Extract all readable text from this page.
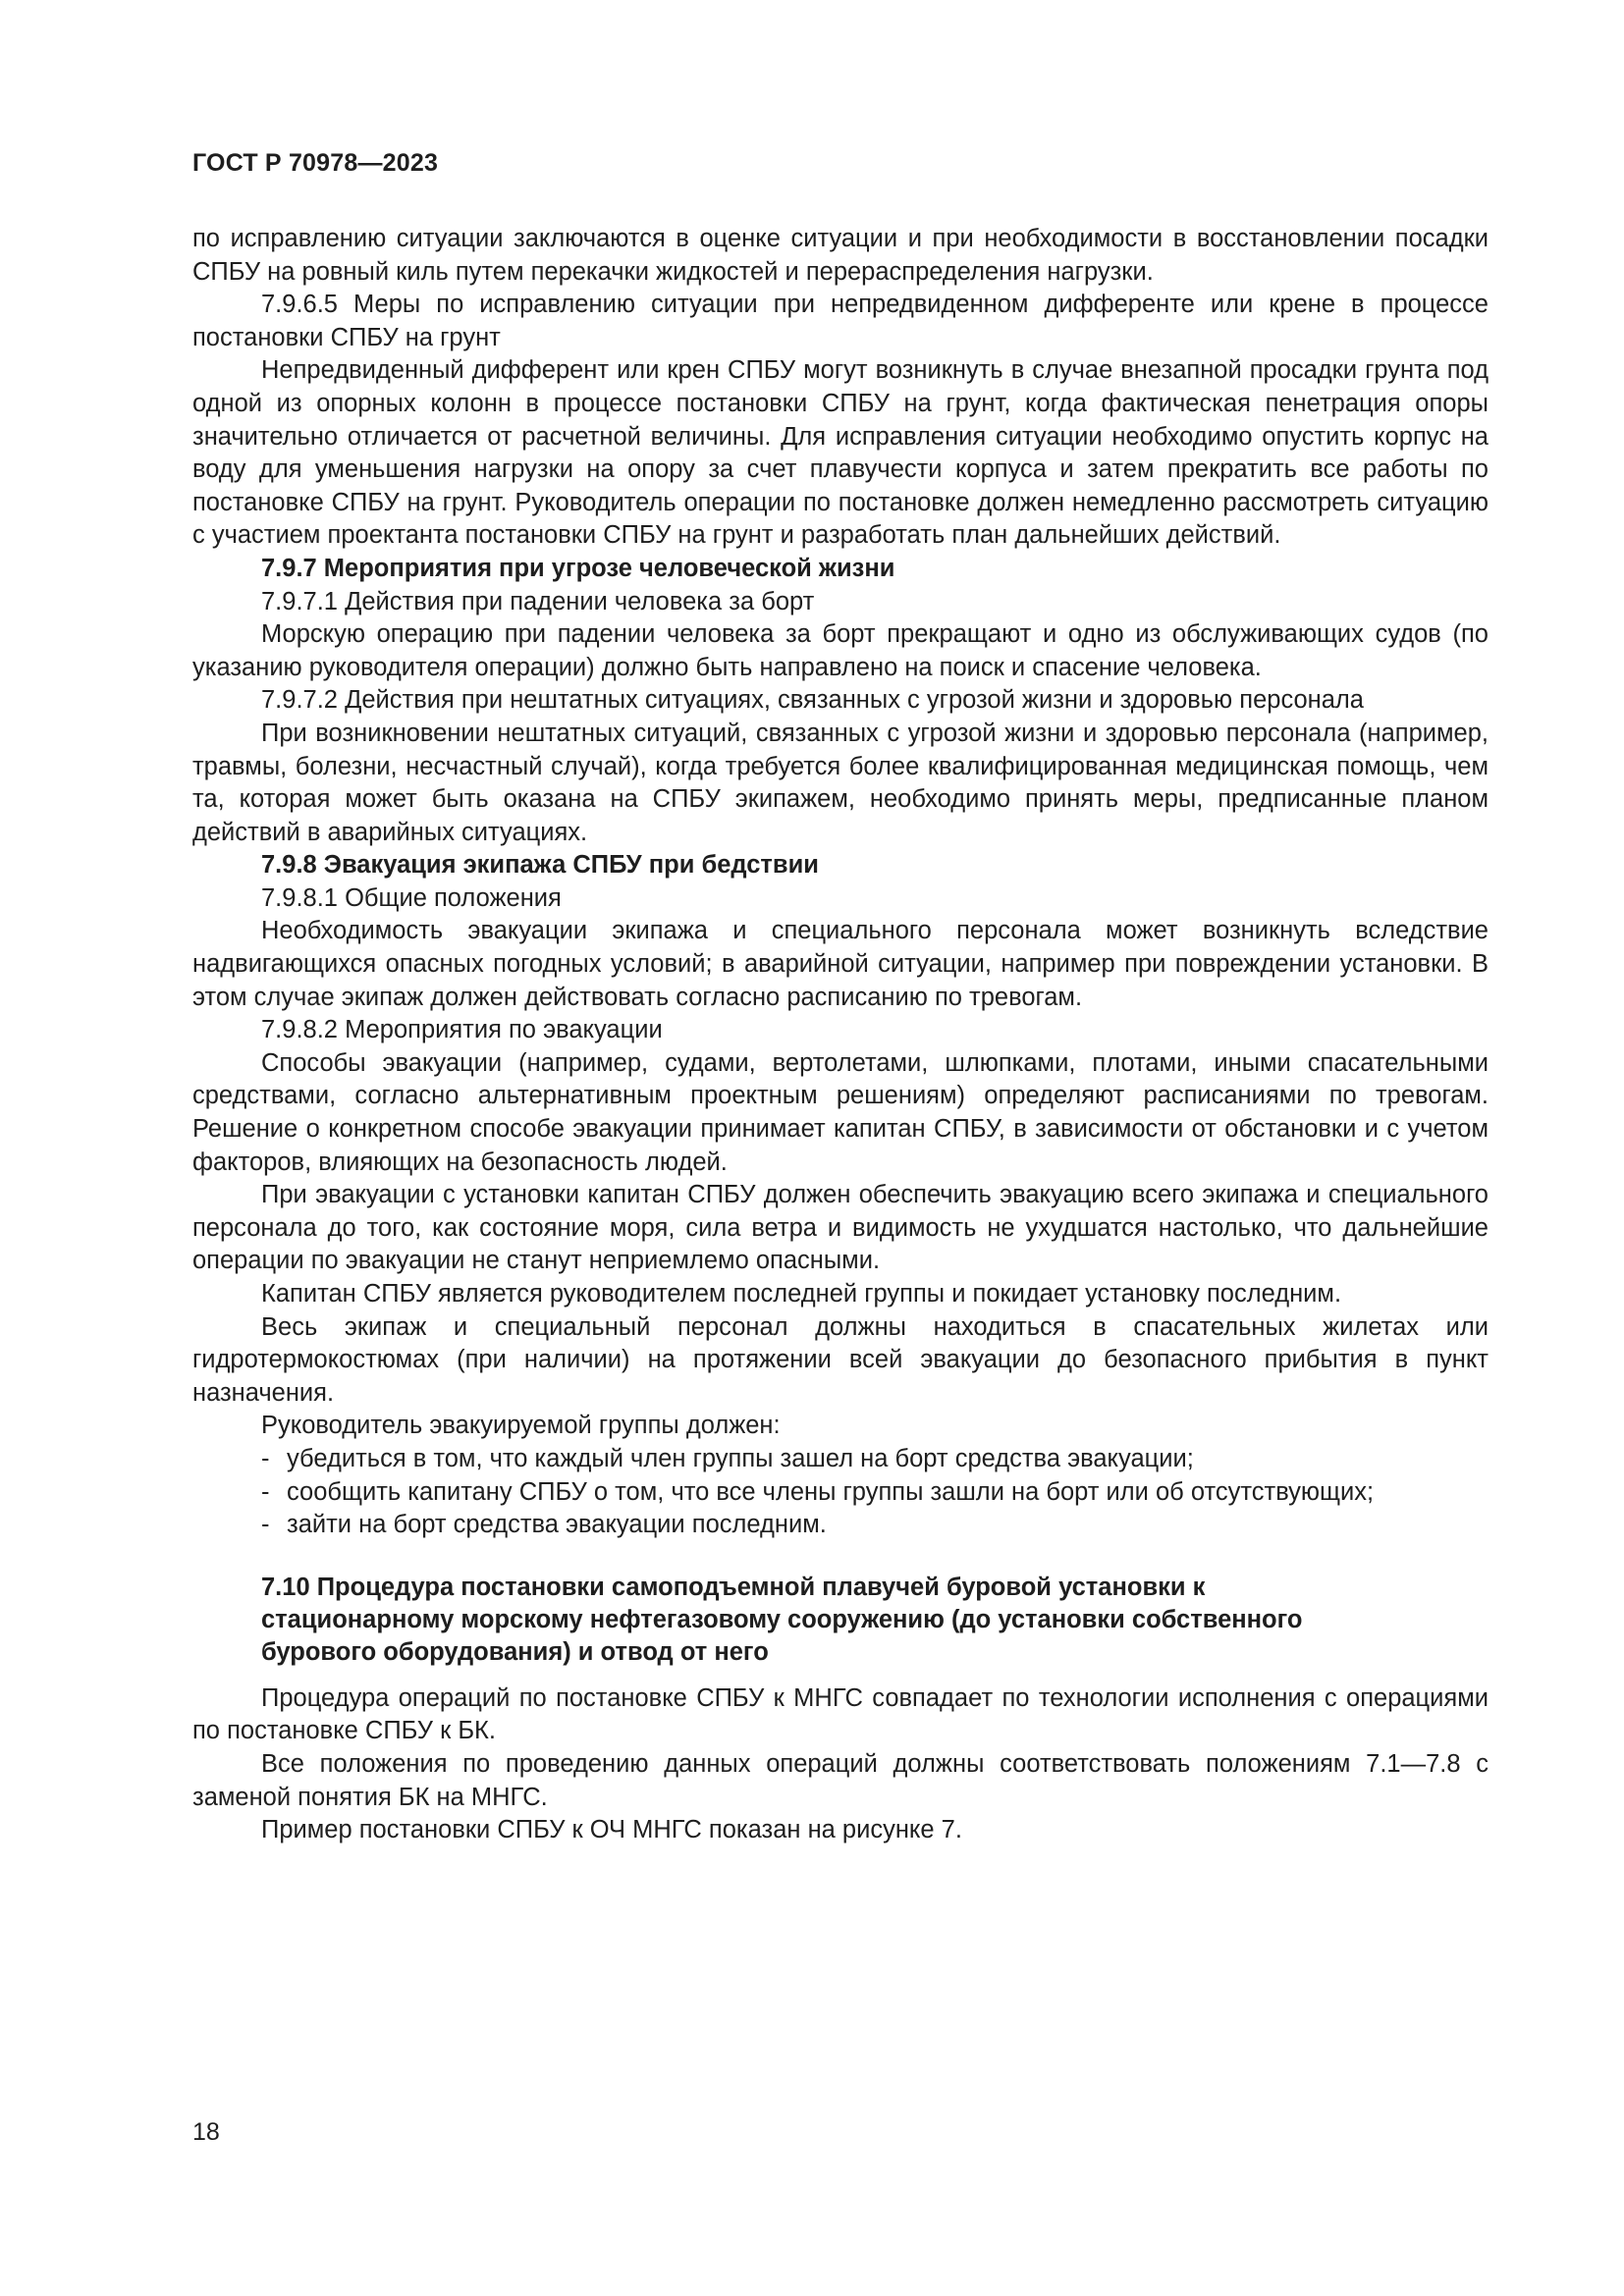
ГОСТ Р 70978—2023

по исправлению ситуации заключаются в оценке ситуации и при необходимости в восстановлении посадки СПБУ на ровный киль путем перекачки жидкостей и перераспределения нагрузки.

7.9.6.5 Меры по исправлению ситуации при непредвиденном дифференте или крене в процессе постановки СПБУ на грунт

Непредвиденный дифферент или крен СПБУ могут возникнуть в случае внезапной просадки грунта под одной из опорных колонн в процессе постановки СПБУ на грунт, когда фактическая пенетрация опоры значительно отличается от расчетной величины. Для исправления ситуации необходимо опустить корпус на воду для уменьшения нагрузки на опору за счет плавучести корпуса и затем прекратить все работы по постановке СПБУ на грунт. Руководитель операции по постановке должен немедленно рассмотреть ситуацию с участием проектанта постановки СПБУ на грунт и разработать план дальнейших действий.

7.9.7 Мероприятия при угрозе человеческой жизни

7.9.7.1 Действия при падении человека за борт

Морскую операцию при падении человека за борт прекращают и одно из обслуживающих судов (по указанию руководителя операции) должно быть направлено на поиск и спасение человека.

7.9.7.2 Действия при нештатных ситуациях, связанных с угрозой жизни и здоровью персонала

При возникновении нештатных ситуаций, связанных с угрозой жизни и здоровью персонала (например, травмы, болезни, несчастный случай), когда требуется более квалифицированная медицинская помощь, чем та, которая может быть оказана на СПБУ экипажем, необходимо принять меры, предписанные планом действий в аварийных ситуациях.

7.9.8 Эвакуация экипажа СПБУ при бедствии

7.9.8.1 Общие положения

Необходимость эвакуации экипажа и специального персонала может возникнуть вследствие надвигающихся опасных погодных условий; в аварийной ситуации, например при повреждении установки. В этом случае экипаж должен действовать согласно расписанию по тревогам.

7.9.8.2 Мероприятия по эвакуации

Способы эвакуации (например, судами, вертолетами, шлюпками, плотами, иными спасательными средствами, согласно альтернативным проектным решениям) определяют расписаниями по тревогам. Решение о конкретном способе эвакуации принимает капитан СПБУ, в зависимости от обстановки и с учетом факторов, влияющих на безопасность людей.

При эвакуации с установки капитан СПБУ должен обеспечить эвакуацию всего экипажа и специального персонала до того, как состояние моря, сила ветра и видимость не ухудшатся настолько, что дальнейшие операции по эвакуации не станут неприемлемо опасными.

Капитан СПБУ является руководителем последней группы и покидает установку последним.

Весь экипаж и специальный персонал должны находиться в спасательных жилетах или гидротермокостюмах (при наличии) на протяжении всей эвакуации до безопасного прибытия в пункт назначения.

Руководитель эвакуируемой группы должен:

- убедиться в том, что каждый член группы зашел на борт средства эвакуации;
- сообщить капитану СПБУ о том, что все члены группы зашли на борт или об отсутствующих;
- зайти на борт средства эвакуации последним.

7.10 Процедура постановки самоподъемной плавучей буровой установки к стационарному морскому нефтегазовому сооружению (до установки собственного бурового оборудования) и отвод от него

Процедура операций по постановке СПБУ к МНГС совпадает по технологии исполнения с операциями по постановке СПБУ к БК.

Все положения по проведению данных операций должны соответствовать положениям 7.1—7.8 с заменой понятия БК на МНГС.

Пример постановки СПБУ к ОЧ МНГС показан на рисунке 7.

18
